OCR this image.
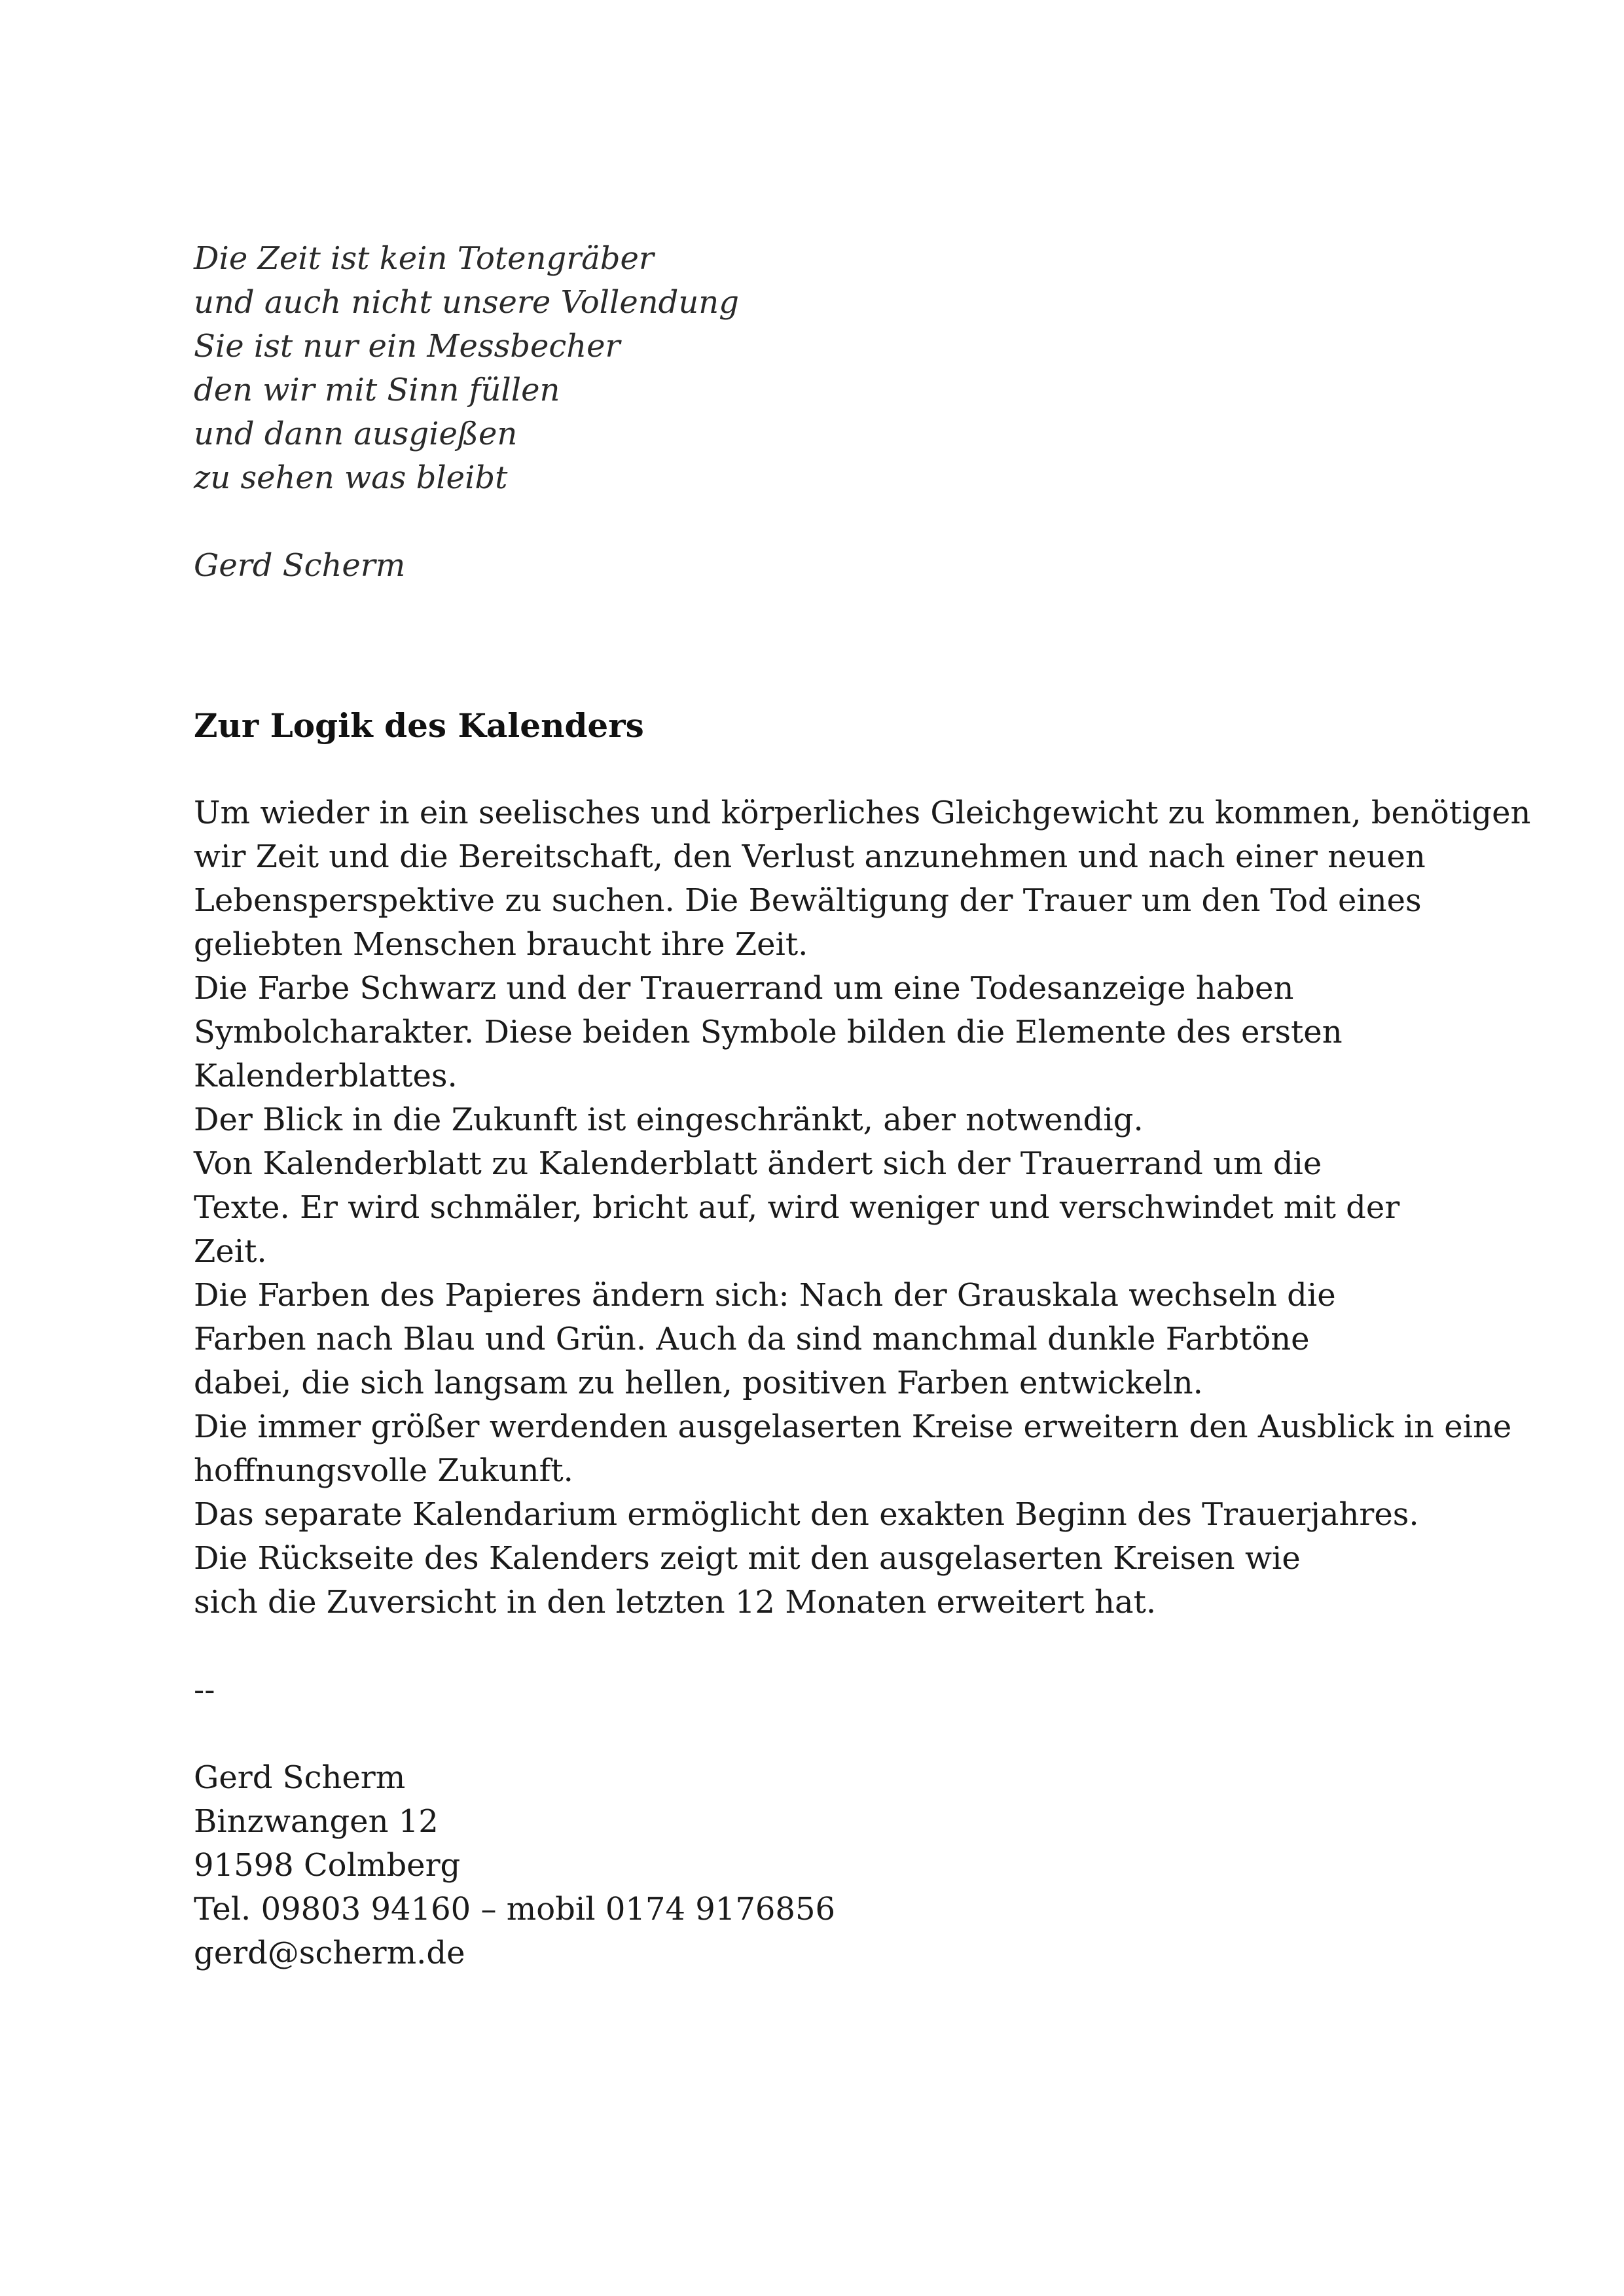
Die Zeit ist kein Totengräber
und auch nicht unsere Vollendung
Sie ist nur ein Messbecher
den wir mit Sinn füllen
und dann ausgießen
zu sehen was bleibt
Gerd Scherm
Zur Logik des Kalenders
Um wieder in ein seelisches und körperliches Gleichgewicht zu kommen, benötigen
wir Zeit und die Bereitschaft, den Verlust anzunehmen und nach einer neuen
Lebensperspektive zu suchen. Die Bewältigung der Trauer um den Tod eines
geliebten Menschen braucht ihre Zeit.
Die Farbe Schwarz und der Trauerrand um eine Todesanzeige haben
Symbolcharakter. Diese beiden Symbole bilden die Elemente des ersten
Kalenderblattes.
Der Blick in die Zukunft ist eingeschränkt, aber notwendig.
Von Kalenderblatt zu Kalenderblatt ändert sich der Trauerrand um die
Texte. Er wird schmäler, bricht auf, wird weniger und verschwindet mit der
Zeit.
Die Farben des Papieres ändern sich: Nach der Grauskala wechseln die
Farben nach Blau und Grün. Auch da sind manchmal dunkle Farbtöne
dabei, die sich langsam zu hellen, positiven Farben entwickeln.
Die immer größer werdenden ausgelaserten Kreise erweitern den Ausblick in eine
hoffnungsvolle Zukunft.
Das separate Kalendarium ermöglicht den exakten Beginn des Trauerjahres.
Die Rückseite des Kalenders zeigt mit den ausgelaserten Kreisen wie
sich die Zuversicht in den letzten 12 Monaten erweitert hat.
--
Gerd Scherm
Binzwangen 12
91598 Colmberg
Tel. 09803 94160 – mobil 0174 9176856
gerd@scherm.de
